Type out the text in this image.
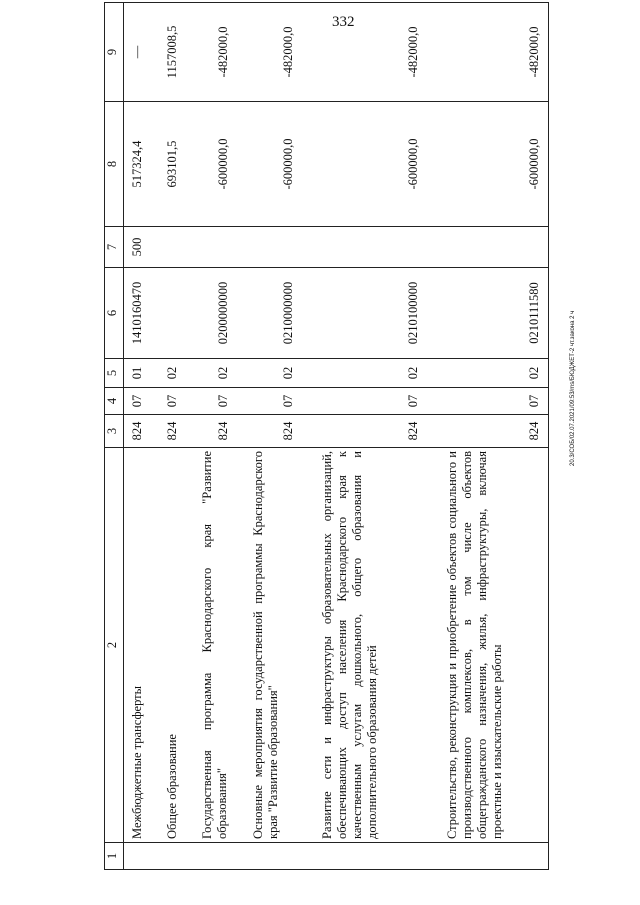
332
20.3/СОБ/02.07.2021/09:53/ms/БЮДЖЕТ-2 чт.закона 2 ч
1	2	3	4	5	6	7	8	9
	Межбюджетные трансферты	824	07	01	1410160470	500	517324,4	—
	Общее образование	824	07	02			693101,5	1157008,5
	Государственная программа Краснодарского края "Развитие образования"	824	07	02	0200000000		-600000,0	-482000,0
	Основные мероприятия государственной программы Краснодарского края "Развитие образования"	824	07	02	0210000000		-600000,0	-482000,0
	Развитие сети и инфраструктуры образовательных организаций, обеспечивающих доступ населения Краснодарского края к качественным услугам дошкольного, общего образования и дополнительного образования детей	824	07	02	0210100000		-600000,0	-482000,0
	Строительство, реконструкция и приобретение объектов социального и производственного комплексов, в том числе объектов общегражданского назначения, жилья, инфраструктуры, включая проектные и изыскательские работы	824	07	02	0210111580		-600000,0	-482000,0
